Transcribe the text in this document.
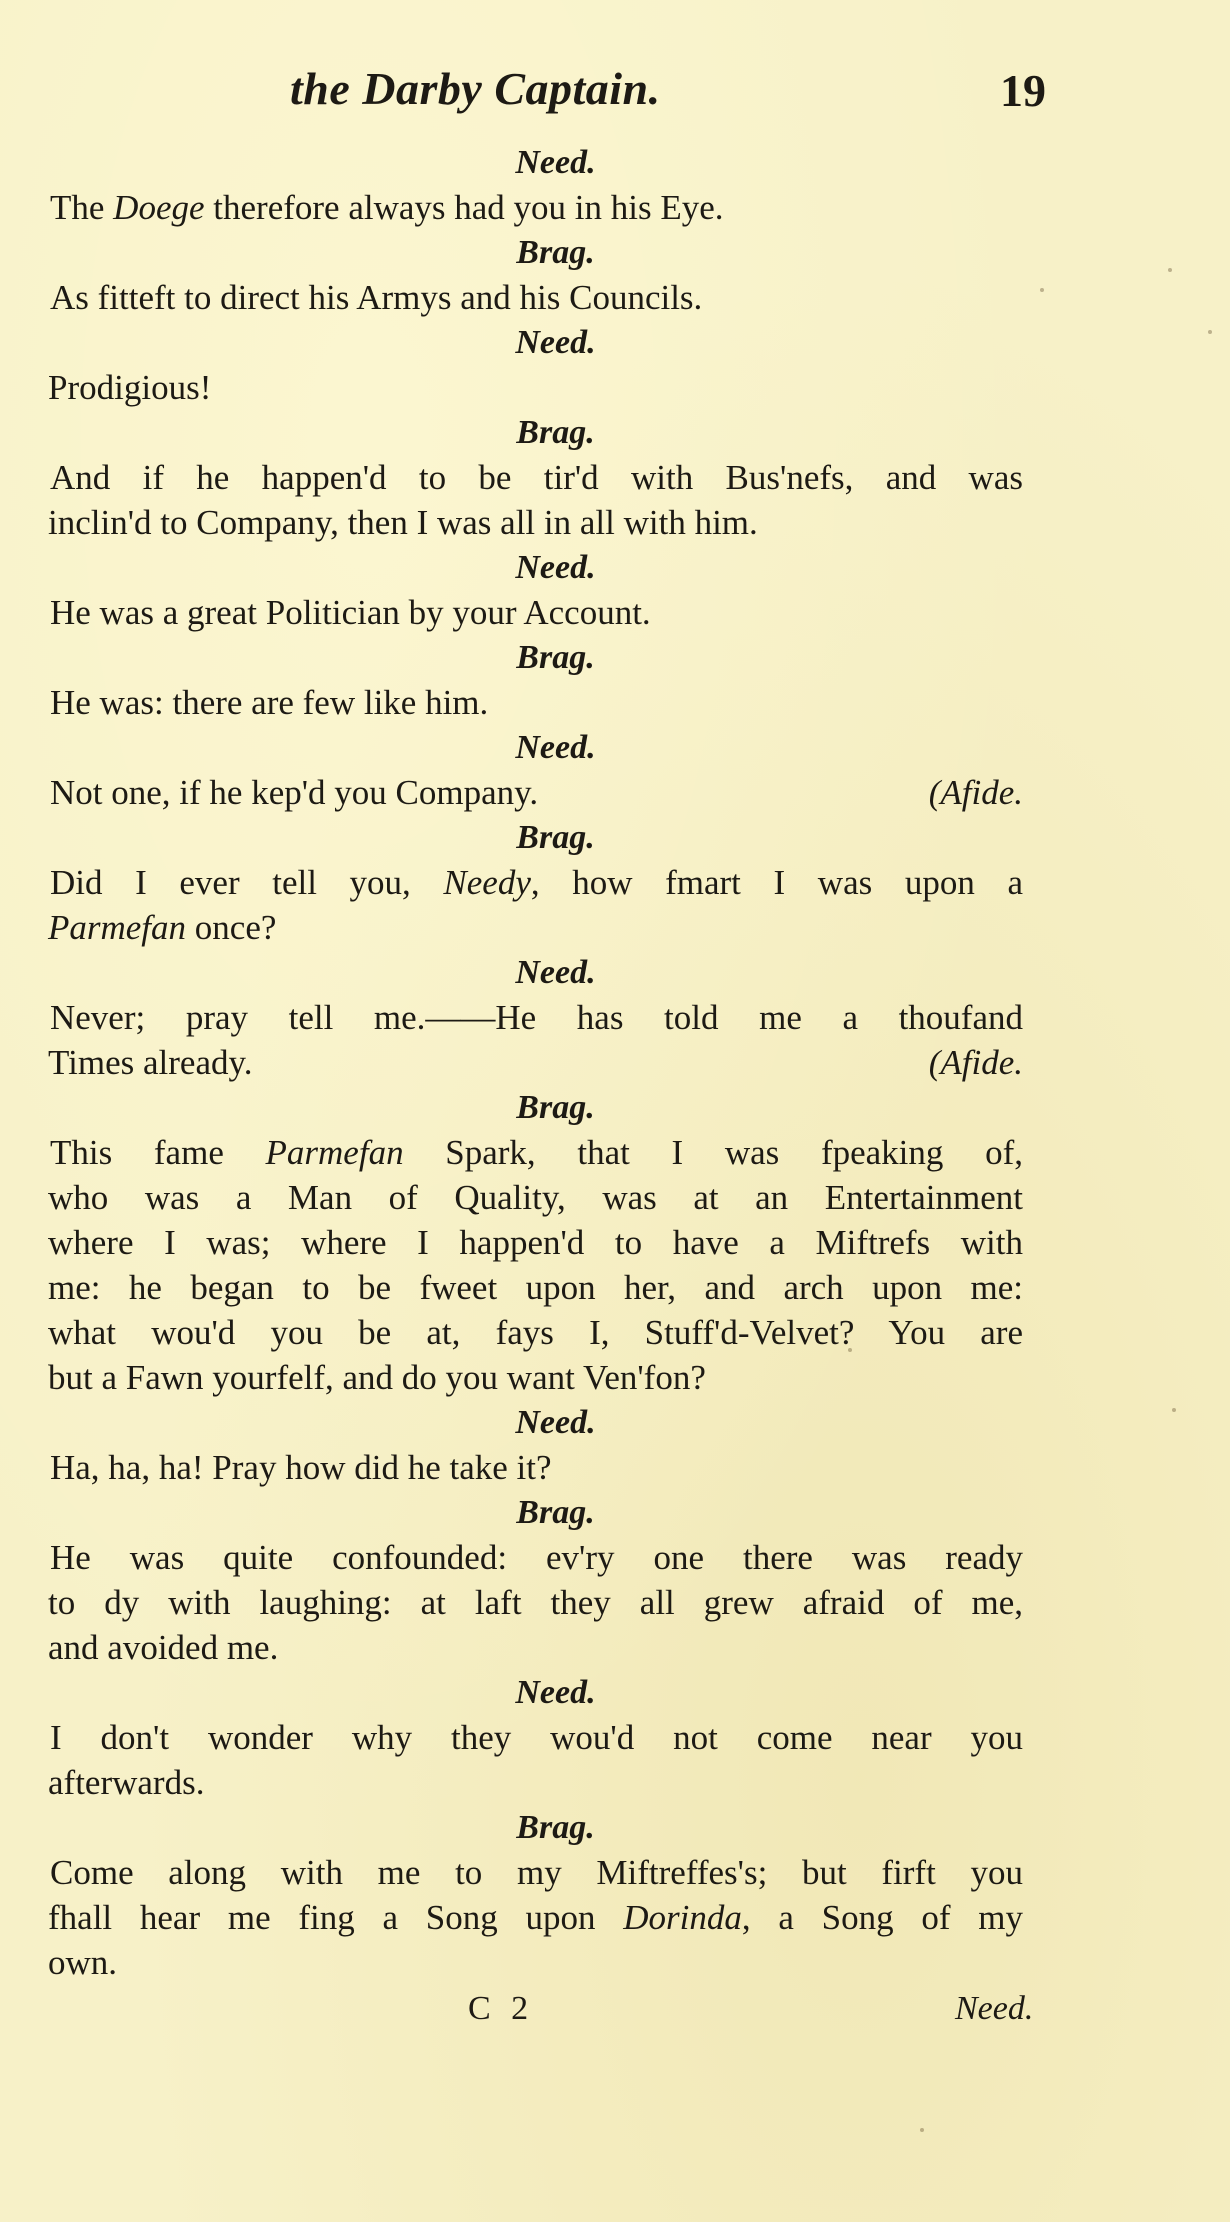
the Darby Captain.	19
Need.
The Doege therefore always had you in his Eye.
Brag.
As fitteft to direct his Armys and his Councils.
Need.
Prodigious!
Brag.
And if he happen'd to be tir'd with Bus'nefs, and was
inclin'd to Company, then I was all in all with him.
Need.
He was a great Politician by your Account.
Brag.
He was: there are few like him.
Need.
Not one, if he kep'd you Company.	(Afide.
Brag.
Did I ever tell you, Needy, how fmart I was upon a
Parmefan once?
Need.
Never; pray tell me.——He has told me a thoufand
Times already.	(Afide.
Brag.
This fame Parmefan Spark, that I was fpeaking of,
who was a Man of Quality, was at an Entertainment
where I was; where I happen'd to have a Miftrefs with
me: he began to be fweet upon her, and arch upon me:
what wou'd you be at, fays I, Stuff'd-Velvet? You are
but a Fawn yourfelf, and do you want Ven'fon?
Need.
Ha, ha, ha! Pray how did he take it?
Brag.
He was quite confounded: ev'ry one there was ready
to dy with laughing: at laft they all grew afraid of me,
and avoided me.
Need.
I don't wonder why they wou'd not come near you
afterwards.
Brag.
Come along with me to my Miftreffes's; but firft you
fhall hear me fing a Song upon Dorinda, a Song of my
own.
C 2	Need.
